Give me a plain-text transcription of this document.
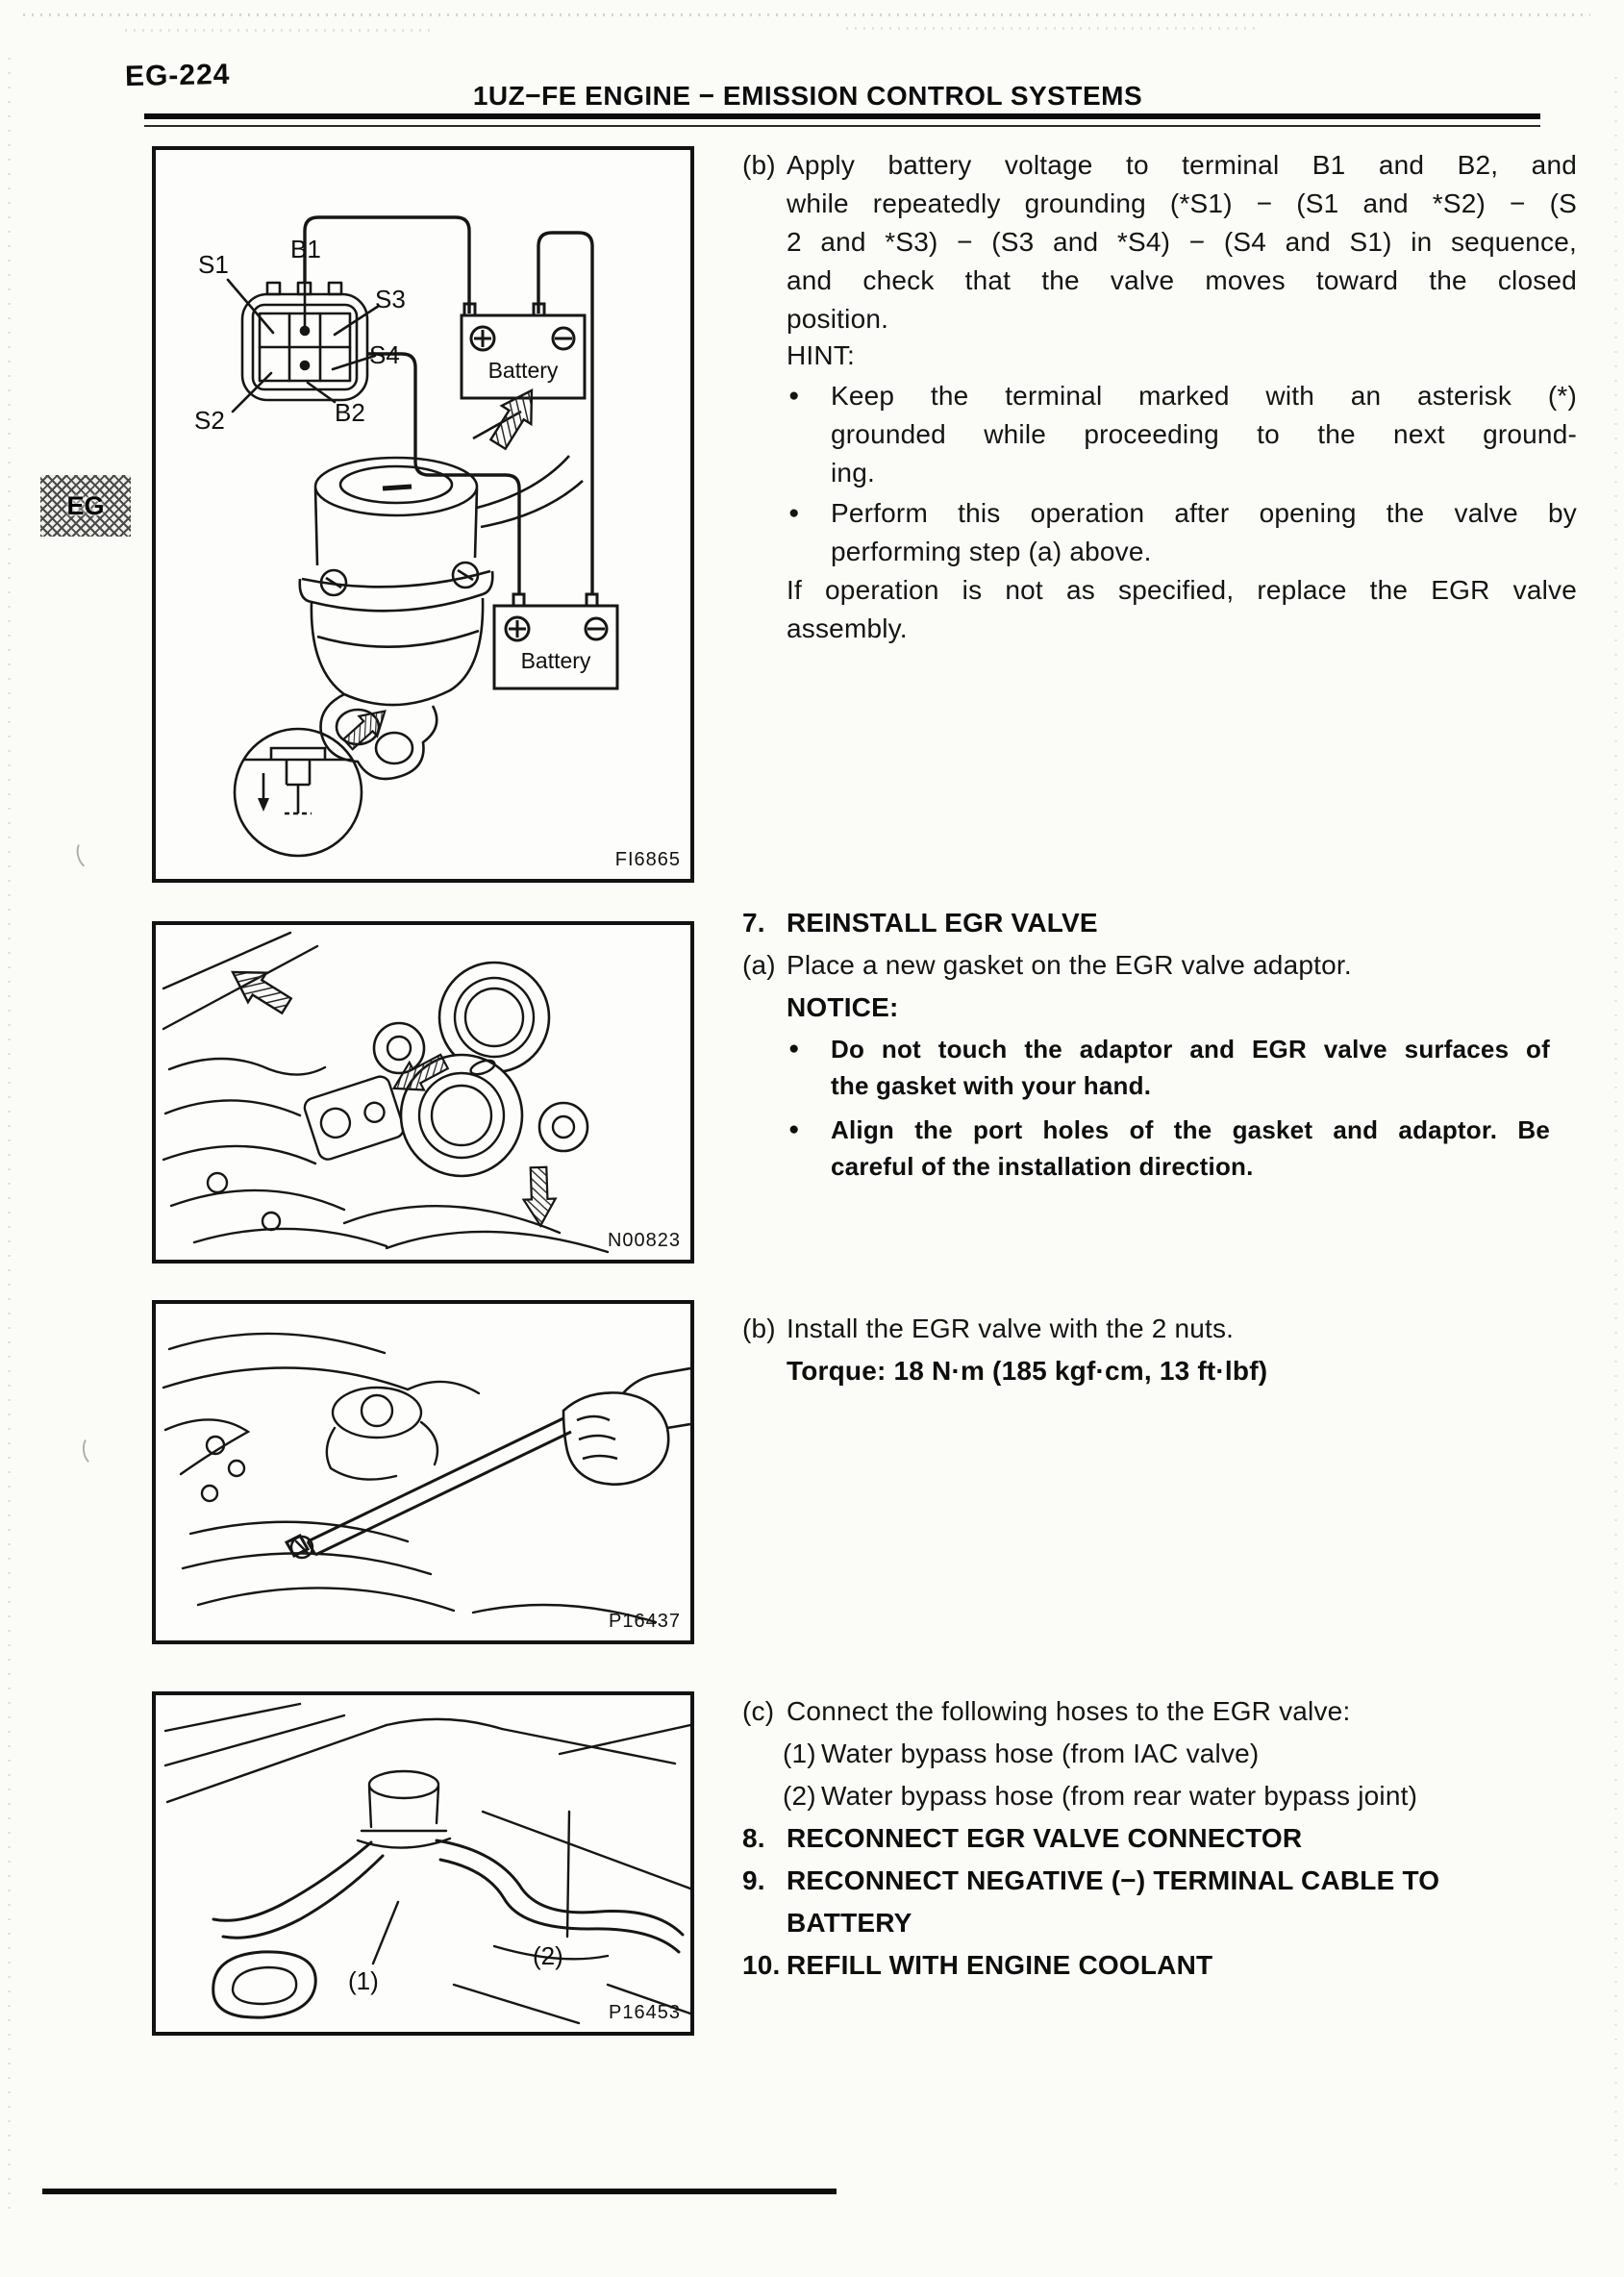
EG-224
1UZ−FE ENGINE − EMISSION CONTROL SYSTEMS
EG
S1
B1
S3
S4
S2	B2
Battery
Battery
FI6865
N00823
P16437
(1)
(2)
P16453
(b) Apply battery voltage to terminal B1 and B2, and
while repeatedly grounding (*S1) − (S1 and *S2) − (S
2 and *S3) − (S3 and *S4) − (S4 and S1) in sequence,
and check that the valve moves toward the closed
position.
HINT:
●	Keep the terminal marked with an asterisk (*)
grounded while proceeding to the next ground-
ing.
●	Perform this operation after opening the valve by
performing step (a) above.
If operation is not as specified, replace the EGR valve
assembly.
7. REINSTALL EGR VALVE
(a) Place a new gasket on the EGR valve adaptor.
NOTICE:
●	Do not touch the adaptor and EGR valve surfaces of
the gasket with your hand.
●	Align the port holes of the gasket and adaptor. Be
careful of the installation direction.
(b) Install the EGR valve with the 2 nuts.
Torque: 18 N·m (185 kgf·cm, 13 ft·lbf)
(c) Connect the following hoses to the EGR valve:
(1) Water bypass hose (from IAC valve)
(2) Water bypass hose (from rear water bypass joint)
8. RECONNECT EGR VALVE CONNECTOR
9. RECONNECT NEGATIVE (−) TERMINAL CABLE TO
BATTERY
10. REFILL WITH ENGINE COOLANT
